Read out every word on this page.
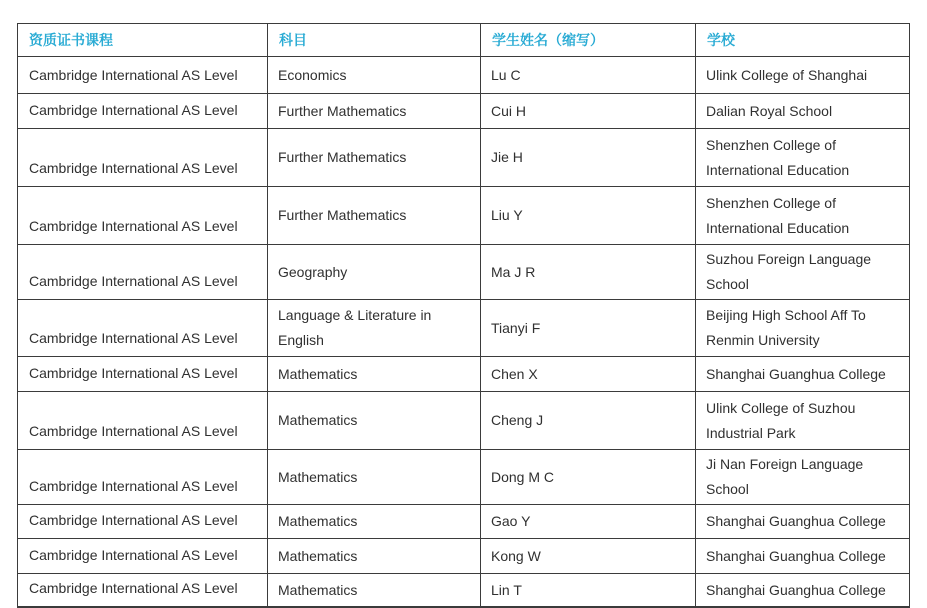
资质证书课程	科目	学生姓名（缩写）	学校
Cambridge International AS Level	Economics	Lu C	Ulink College of Shanghai
Cambridge International AS Level	Further Mathematics	Cui H	Dalian Royal School
Cambridge International AS Level	Further Mathematics	Jie H	Shenzhen College of International Education
Cambridge International AS Level	Further Mathematics	Liu Y	Shenzhen College of International Education
Cambridge International AS Level	Geography	Ma J R	Suzhou Foreign Language School
Cambridge International AS Level	Language & Literature in English	Tianyi F	Beijing High School Aff To Renmin University
Cambridge International AS Level	Mathematics	Chen X	Shanghai Guanghua College
Cambridge International AS Level	Mathematics	Cheng J	Ulink College of Suzhou Industrial Park
Cambridge International AS Level	Mathematics	Dong M C	Ji Nan Foreign Language School
Cambridge International AS Level	Mathematics	Gao Y	Shanghai Guanghua College
Cambridge International AS Level	Mathematics	Kong W	Shanghai Guanghua College
Cambridge International AS Level	Mathematics	Lin T	Shanghai Guanghua College
